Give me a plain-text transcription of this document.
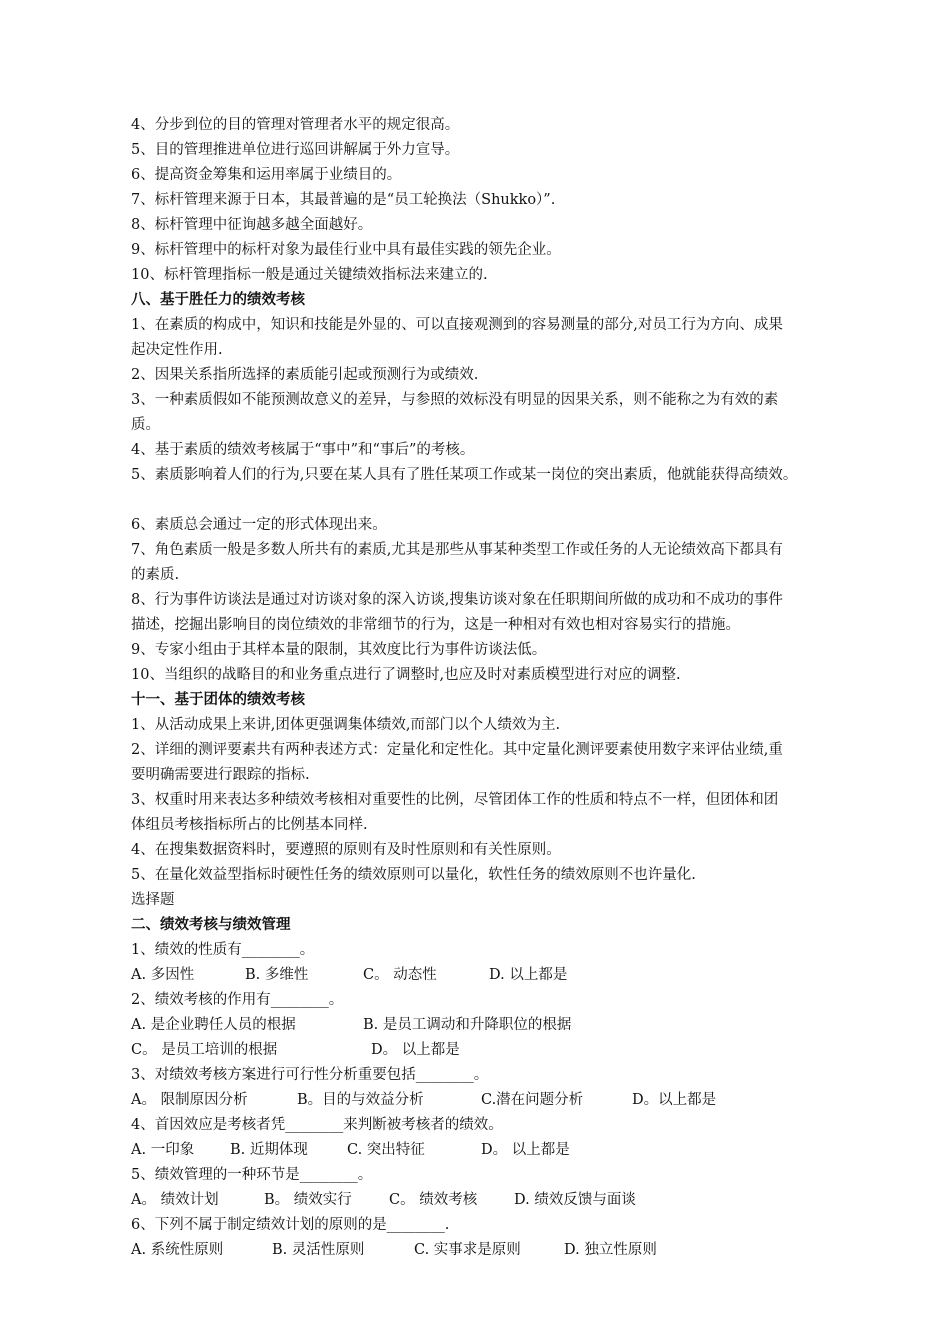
4、分步到位的目的管理对管理者水平的规定很高。
5、目的管理推进单位进行巡回讲解属于外力宣导。
6、提高资金筹集和运用率属于业绩目的。
7、标杆管理来源于日本，其最普遍的是“员工轮换法（Shukko）”.
8、标杆管理中征询越多越全面越好。
9、标杆管理中的标杆对象为最佳行业中具有最佳实践的领先企业。
10、标杆管理指标一般是通过关键绩效指标法来建立的.
八、基于胜任力的绩效考核
1、在素质的构成中，知识和技能是外显的、可以直接观测到的容易测量的部分,对员工行为方向、成果
起决定性作用.
2、因果关系指所选择的素质能引起或预测行为或绩效.
3、一种素质假如不能预测故意义的差异，与参照的效标没有明显的因果关系，则不能称之为有效的素
质。
4、基于素质的绩效考核属于“事中”和“事后”的考核。
5、素质影响着人们的行为,只要在某人具有了胜任某项工作或某一岗位的突出素质，他就能获得高绩效。
6、素质总会通过一定的形式体现出来。
7、角色素质一般是多数人所共有的素质,尤其是那些从事某种类型工作或任务的人无论绩效高下都具有
的素质.
8、行为事件访谈法是通过对访谈对象的深入访谈,搜集访谈对象在任职期间所做的成功和不成功的事件
描述，挖掘出影响目的岗位绩效的非常细节的行为，这是一种相对有效也相对容易实行的措施。
9、专家小组由于其样本量的限制，其效度比行为事件访谈法低。
10、当组织的战略目的和业务重点进行了调整时,也应及时对素质模型进行对应的调整.
十一、基于团体的绩效考核
1、从活动成果上来讲,团体更强调集体绩效,而部门以个人绩效为主.
2、详细的测评要素共有两种表述方式：定量化和定性化。其中定量化测评要素使用数字来评估业绩,重
要明确需要进行跟踪的指标.
3、权重时用来表达多种绩效考核相对重要性的比例，尽管团体工作的性质和特点不一样，但团体和团
体组员考核指标所占的比例基本同样.
4、在搜集数据资料时，要遵照的原则有及时性原则和有关性原则。
5、在量化效益型指标时硬性任务的绩效原则可以量化，软性任务的绩效原则不也许量化.
选择题
二、绩效考核与绩效管理
1、绩效的性质有________。
A. 多因性	B. 多维性	C。 动态性	D. 以上都是
2、绩效考核的作用有________。
A. 是企业聘任人员的根据	B. 是员工调动和升降职位的根据
C。 是员工培训的根据	D。 以上都是
3、对绩效考核方案进行可行性分析重要包括________。
A。 限制原因分析	B。目的与效益分析	C.潜在问题分析	D。以上都是
4、首因效应是考核者凭________来判断被考核者的绩效。
A. 一印象 B. 近期体现	C. 突出特征	D。 以上都是
5、绩效管理的一种环节是________。
A。 绩效计划	B。 绩效实行	C。 绩效考核	D. 绩效反馈与面谈
6、下列不属于制定绩效计划的原则的是________.
A. 系统性原则	B. 灵活性原则	C. 实事求是原则	D. 独立性原则
